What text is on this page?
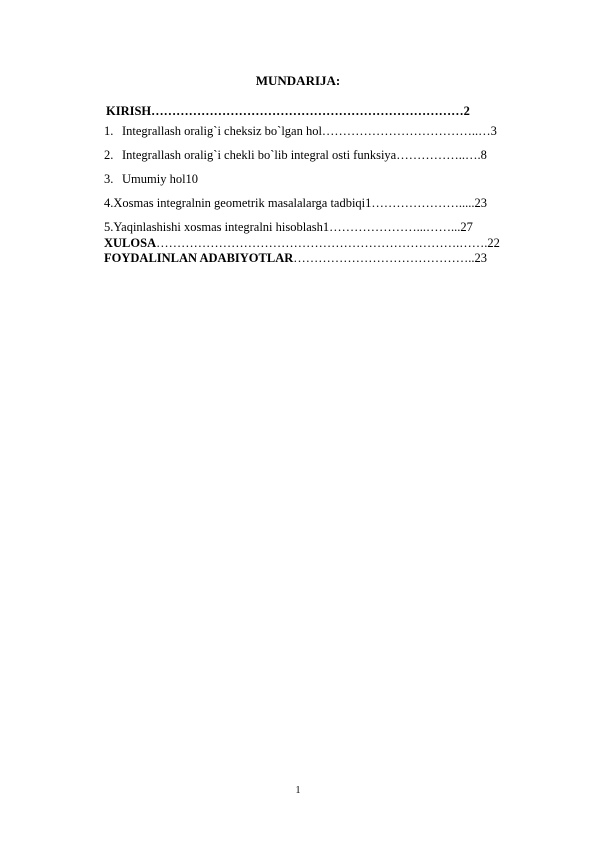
MUNDARIJA:
KIRISH…………………………………………………………………2
1. Integrallash oralig`i cheksiz bo`lgan hol………………………………..…3
2. Integrallash oralig`i chekli bo`lib integral osti funksiya……………..….8
3. Umumiy hol10
4.Xosmas integralnin geometrik masalalarga tadbiqi1………………….....23
5.Yaqinlashishi xosmas integralni hisoblash1…………………...……...27
XULOSA……………………………………………………………….…….22
FOYDALINLAN ADABIYOTLAR……………………………………..23
1
